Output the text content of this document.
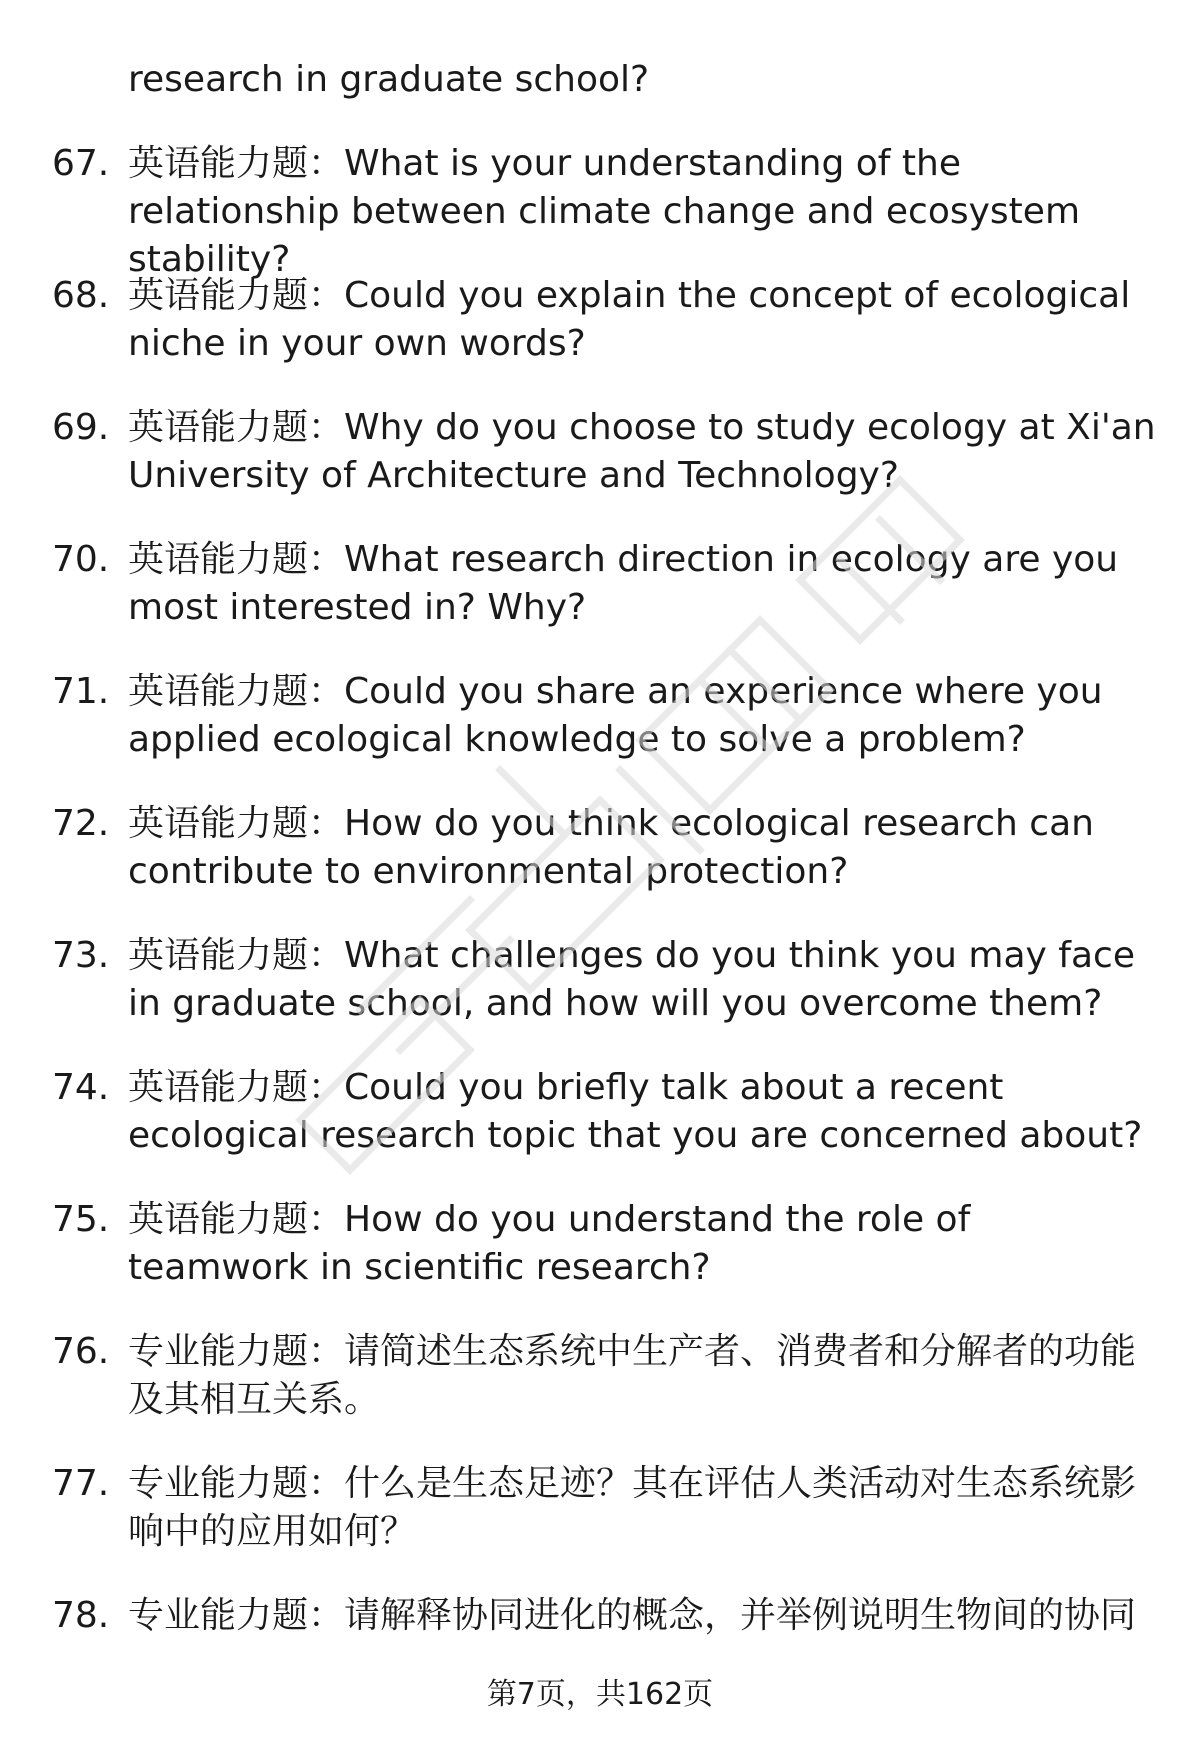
research in graduate school?
67. 英语能力题：What is your understanding of the relationship between climate change and ecosystem stability?
68. 英语能力题：Could you explain the concept of ecological niche in your own words?
69. 英语能力题：Why do you choose to study ecology at Xi'an University of Architecture and Technology?
70. 英语能力题：What research direction in ecology are you most interested in? Why?
71. 英语能力题：Could you share an experience where you applied ecological knowledge to solve a problem?
72. 英语能力题：How do you think ecological research can contribute to environmental protection?
73. 英语能力题：What challenges do you think you may face in graduate school, and how will you overcome them?
74. 英语能力题：Could you briefly talk about a recent ecological research topic that you are concerned about?
75. 英语能力题：How do you understand the role of teamwork in scientific research?
76. 专业能力题：请简述生态系统中生产者、消费者和分解者的功能及其相互关系。
77. 专业能力题：什么是生态足迹？其在评估人类活动对生态系统影响中的应用如何？
78. 专业能力题：请解释协同进化的概念，并举例说明生物间的协同
第7页，共162页
